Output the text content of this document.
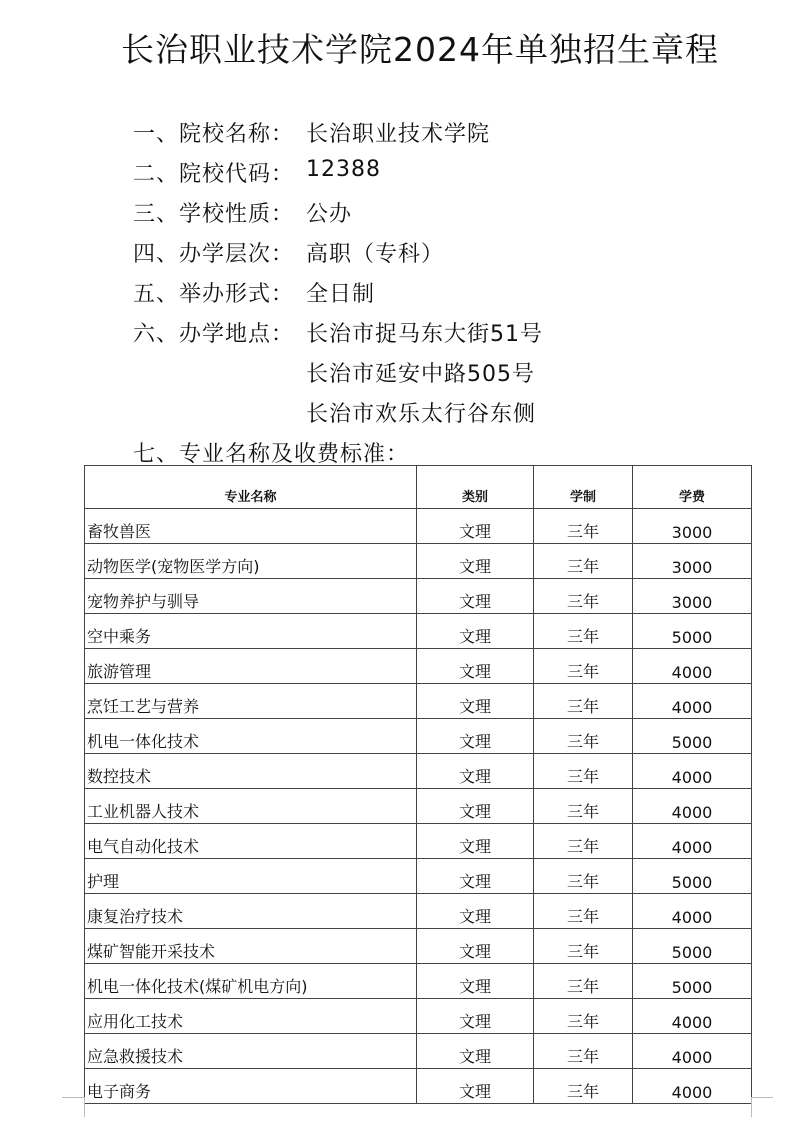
长治职业技术学院2024年单独招生章程
一、院校名称： 长治职业技术学院
二、院校代码： 12388
三、学校性质： 公办
四、办学层次： 高职（专科）
五、举办形式： 全日制
六、办学地点： 长治市捉马东大街51号
长治市延安中路505号
长治市欢乐太行谷东侧
七、专业名称及收费标准：
专业名称	类别	学制	学费
畜牧兽医	文理	三年	3000
动物医学(宠物医学方向)	文理	三年	3000
宠物养护与驯导	文理	三年	3000
空中乘务	文理	三年	5000
旅游管理	文理	三年	4000
烹饪工艺与营养	文理	三年	4000
机电一体化技术	文理	三年	5000
数控技术	文理	三年	4000
工业机器人技术	文理	三年	4000
电气自动化技术	文理	三年	4000
护理	文理	三年	5000
康复治疗技术	文理	三年	4000
煤矿智能开采技术	文理	三年	5000
机电一体化技术(煤矿机电方向)	文理	三年	5000
应用化工技术	文理	三年	4000
应急救援技术	文理	三年	4000
电子商务	文理	三年	4000
